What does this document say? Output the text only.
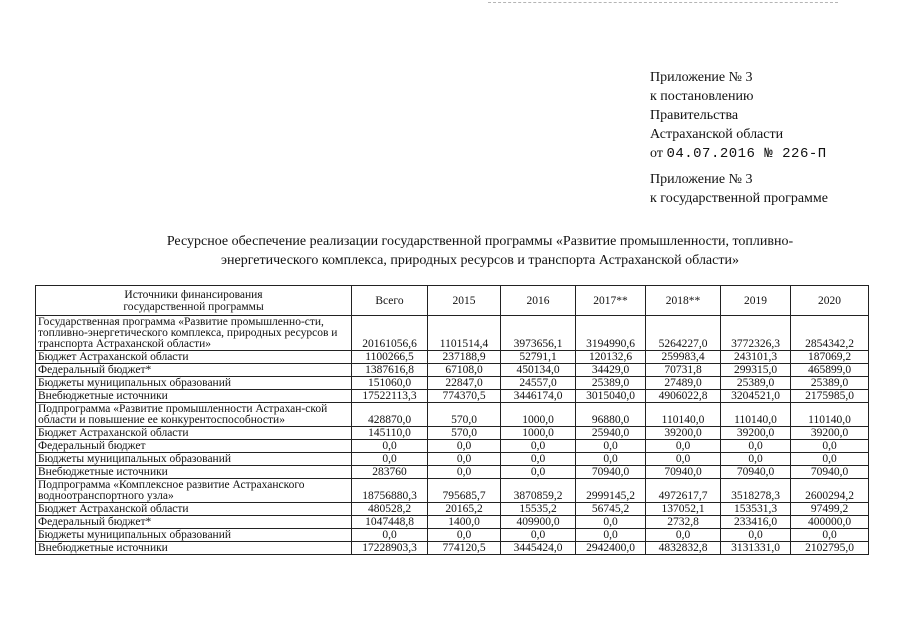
Приложение № 3
к постановлению
Правительства
Астраханской области
от 04.07.2016 № 226-П
Приложение № 3
к государственной программе
Ресурсное обеспечение реализации государственной программы «Развитие промышленности, топливно-
энергетического комплекса, природных ресурсов и транспорта Астраханской области»
Источники финансирования
государственной программы	Всего	2015	2016	2017**	2018**	2019	2020
Государственная программа «Развитие промышленно-сти, топливно-энергетического комплекса, природных ресурсов и транспорта Астраханской области»	20161056,6	1101514,4	3973656,1	3194990,6	5264227,0	3772326,3	2854342,2
Бюджет Астраханской области	1100266,5	237188,9	52791,1	120132,6	259983,4	243101,3	187069,2
Федеральный бюджет*	1387616,8	67108,0	450134,0	34429,0	70731,8	299315,0	465899,0
Бюджеты муниципальных образований	151060,0	22847,0	24557,0	25389,0	27489,0	25389,0	25389,0
Внебюджетные источники	17522113,3	774370,5	3446174,0	3015040,0	4906022,8	3204521,0	2175985,0
Подпрограмма «Развитие промышленности Астрахан-ской области и повышение ее конкурентоспособности»	428870,0	570,0	1000,0	96880,0	110140,0	110140,0	110140,0
Бюджет Астраханской области	145110,0	570,0	1000,0	25940,0	39200,0	39200,0	39200,0
Федеральный бюджет	0,0	0,0	0,0	0,0	0,0	0,0	0,0
Бюджеты муниципальных образований	0,0	0,0	0,0	0,0	0,0	0,0	0,0
Внебюджетные источники	283760	0,0	0,0	70940,0	70940,0	70940,0	70940,0
Подпрограмма «Комплексное развитие Астраханского водноотранспортного узла»	18756880,3	795685,7	3870859,2	2999145,2	4972617,7	3518278,3	2600294,2
Бюджет Астраханской области	480528,2	20165,2	15535,2	56745,2	137052,1	153531,3	97499,2
Федеральный бюджет*	1047448,8	1400,0	409900,0	0,0	2732,8	233416,0	400000,0
Бюджеты муниципальных образований	0,0	0,0	0,0	0,0	0,0	0,0	0,0
Внебюджетные источники	17228903,3	774120,5	3445424,0	2942400,0	4832832,8	3131331,0	2102795,0
